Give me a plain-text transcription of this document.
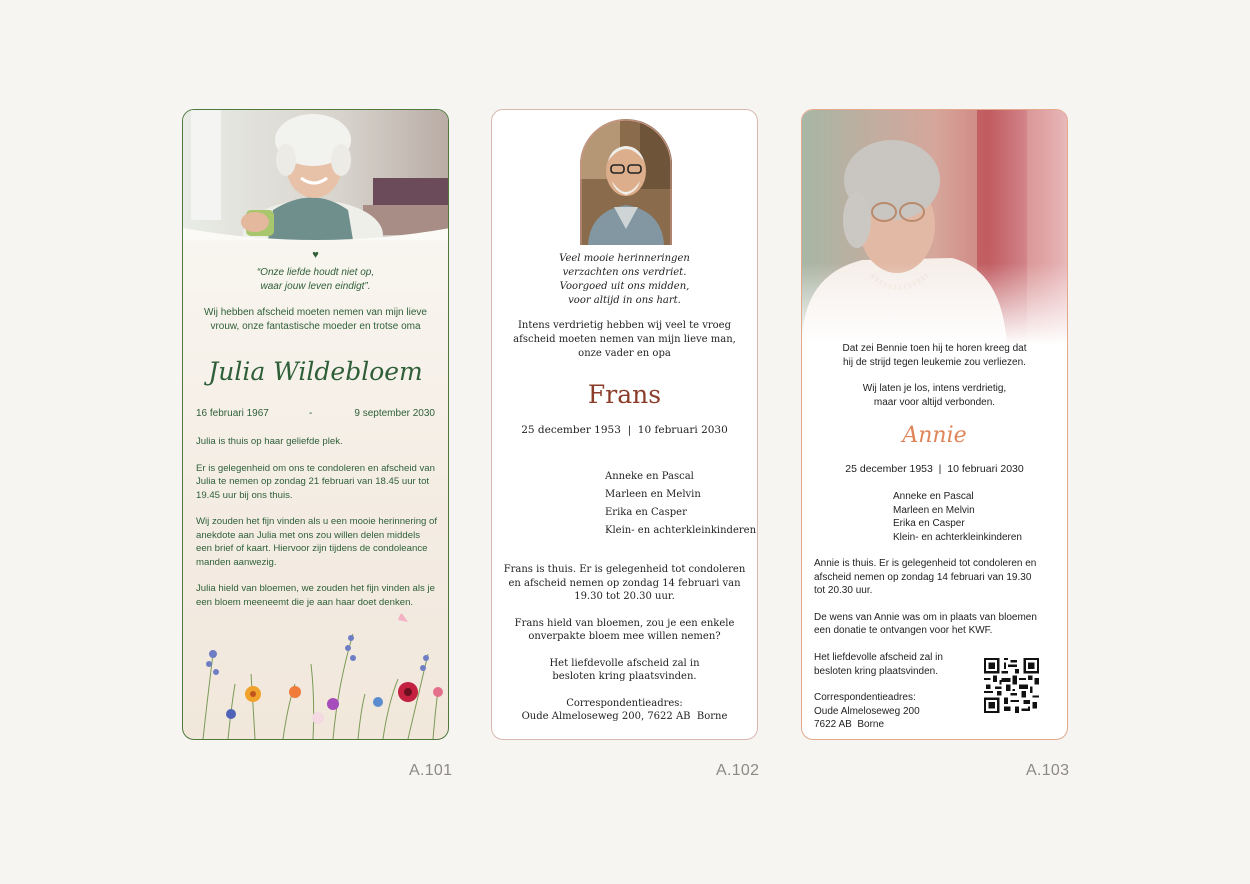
♥
“Onze liefde houdt niet op,
waar jouw leven eindigt”.
Wij hebben afscheid moeten nemen van mijn lieve vrouw, onze fantastische moeder en trotse oma
Julia Wildebloem
16 februari 1967	-	9 september 2030

Julia is thuis op haar geliefde plek.

Er is gelegenheid om ons te condoleren en afscheid van Julia te nemen op zondag 21 februari van 18.45 uur tot 19.45 uur bij ons thuis.

Wij zouden het fijn vinden als u een mooie herinnering of anekdote aan Julia met ons zou willen delen middels een brief of kaart. Hiervoor zijn tijdens de condoleance manden aanwezig.

Julia hield van bloemen, we zouden het fijn vinden als je een bloem meeneemt die je aan haar doet denken.

A.101
Veel mooie herinneringen
verzachten ons verdriet.
Voorgoed uit ons midden,
voor altijd in ons hart.
Intens verdrietig hebben wij veel te vroeg
afscheid moeten nemen van mijn lieve man,
onze vader en opa
Frans
25 december 1953  |  10 februari 2030
Anneke en Pascal
Marleen en Melvin
Erika en Casper
Klein- en achterkleinkinderen

Frans is thuis. Er is gelegenheid tot condoleren
en afscheid nemen op zondag 14 februari van
19.30 tot 20.30 uur.

Frans hield van bloemen, zou je een enkele
onverpakte bloem mee willen nemen?

Het liefdevolle afscheid zal in
besloten kring plaatsvinden.

Correspondentieadres:
Oude Almeloseweg 200, 7622 AB  Borne

A.102

Dat zei Bennie toen hij te horen kreeg dat
hij de strijd tegen leukemie zou verliezen.

Wij laten je los, intens verdrietig,
maar voor altijd verbonden.

Annie
25 december 1953  |  10 februari 2030
Anneke en Pascal
Marleen en Melvin
Erika en Casper
Klein- en achterkleinkinderen

Annie is thuis. Er is gelegenheid tot condoleren en
afscheid nemen op zondag 14 februari van 19.30
tot 20.30 uur.

De wens van Annie was om in plaats van bloemen
een donatie te ontvangen voor het KWF.

Het liefdevolle afscheid zal in
besloten kring plaatsvinden.

Correspondentieadres:
Oude Almeloseweg 200
7622 AB  Borne

A.103
